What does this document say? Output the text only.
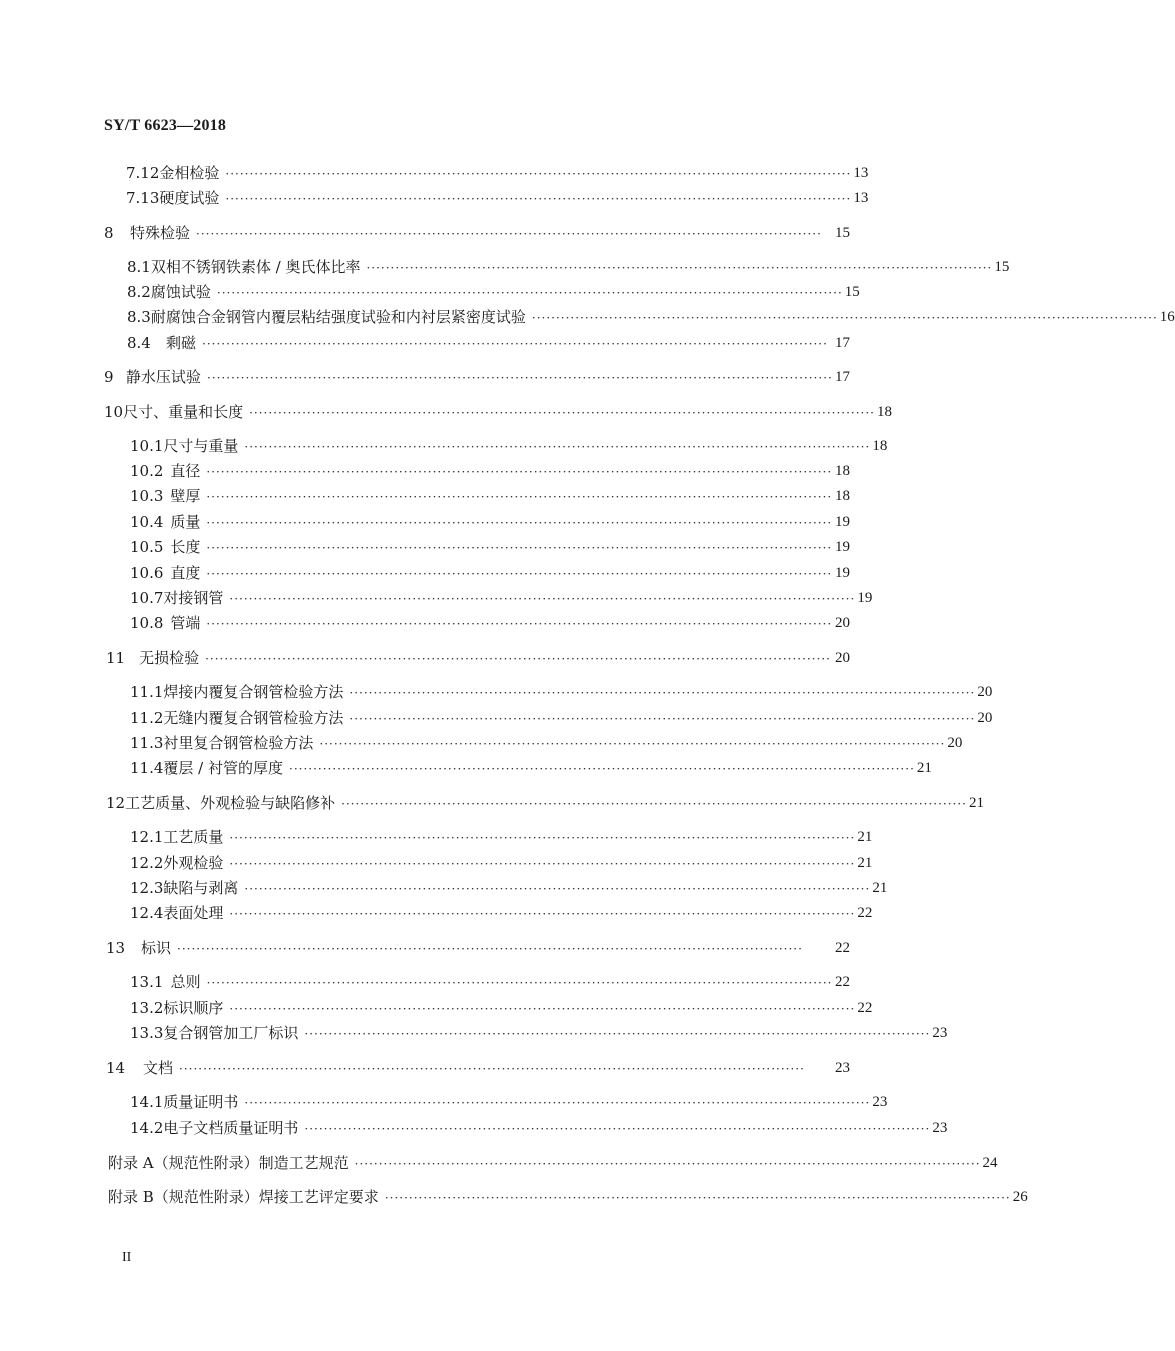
SY/T 6623—2018
7.12 金相检验 ·································································································································· 13
7.13 硬度试验 ·································································································································· 13
8	特殊检验 ·································································································································· 15
8.1 双相不锈钢铁素体 / 奥氏体比率 ·································································································································· 15
8.2 腐蚀试验 ·································································································································· 15
8.3 耐腐蚀合金钢管内覆层粘结强度试验和内衬层紧密度试验 ·································································································································· 16
8.4	剩磁 ·································································································································· 17
9 静水压试验 ·································································································································· 17
10 尺寸、重量和长度 ·································································································································· 18
10.1 尺寸与重量 ·································································································································· 18
10.2 直径 ·································································································································· 18
10.3 壁厚 ·································································································································· 18
10.4 质量 ·································································································································· 19
10.5 长度 ·································································································································· 19
10.6 直度 ·································································································································· 19
10.7 对接钢管 ·································································································································· 19
10.8 管端 ·································································································································· 20
11 无损检验 ·································································································································· 20
11.1 焊接内覆复合钢管检验方法 ·································································································································· 20
11.2 无缝内覆复合钢管检验方法 ·································································································································· 20
11.3 衬里复合钢管检验方法 ·································································································································· 20
11.4 覆层 / 衬管的厚度 ·································································································································· 21
12 工艺质量、外观检验与缺陷修补 ·································································································································· 21
12.1 工艺质量 ·································································································································· 21
12.2 外观检验 ·································································································································· 21
12.3 缺陷与剥离 ·································································································································· 21
12.4 表面处理 ·································································································································· 22
13	标识 ··································································································································	22
13.1 总则 ·································································································································· 22
13.2 标识顺序 ·································································································································· 22
13.3 复合钢管加工厂标识 ·································································································································· 23
14	文档 ··································································································································	23
14.1 质量证明书 ·································································································································· 23
14.2 电子文档质量证明书 ·································································································································· 23
附录 A（规范性附录） 制造工艺规范 ·································································································································· 24
附录 B（规范性附录） 焊接工艺评定要求 ·································································································································· 26
II
